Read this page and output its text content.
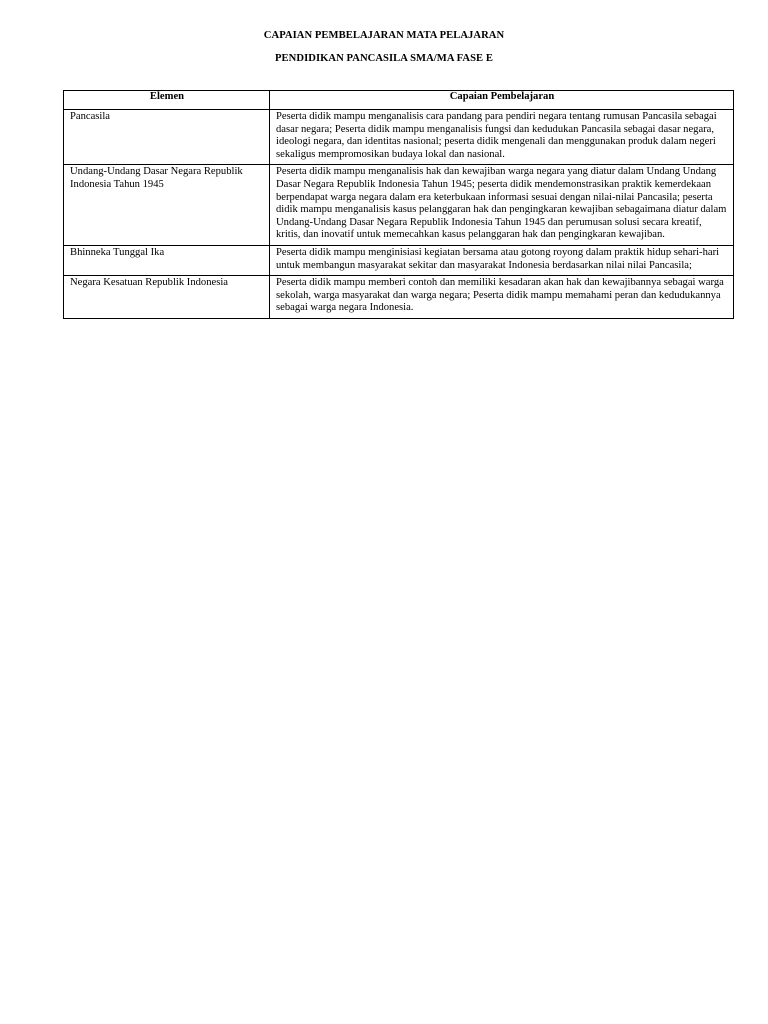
CAPAIAN PEMBELAJARAN MATA PELAJARAN
PENDIDIKAN PANCASILA SMA/MA FASE E
Elemen	Capaian Pembelajaran
Pancasila	Peserta didik mampu menganalisis cara pandang para pendiri negara tentang rumusan Pancasila sebagai dasar negara; Peserta didik mampu menganalisis fungsi dan kedudukan Pancasila sebagai dasar negara, ideologi negara, dan identitas nasional; peserta didik mengenali dan menggunakan produk dalam negeri sekaligus mempromosikan budaya lokal dan nasional.
Undang-Undang Dasar Negara Republik Indonesia Tahun 1945	Peserta didik mampu menganalisis hak dan kewajiban warga negara yang diatur dalam Undang Undang Dasar Negara Republik Indonesia Tahun 1945; peserta didik mendemonstrasikan praktik kemerdekaan berpendapat warga negara dalam era keterbukaan informasi sesuai dengan nilai-nilai Pancasila; peserta didik mampu menganalisis kasus pelanggaran hak dan pengingkaran kewajiban sebagaimana diatur dalam Undang-Undang Dasar Negara Republik Indonesia Tahun 1945 dan perumusan solusi secara kreatif, kritis, dan inovatif untuk memecahkan kasus pelanggaran hak dan pengingkaran kewajiban.
Bhinneka Tunggal Ika	Peserta didik mampu menginisiasi kegiatan bersama atau gotong royong dalam praktik hidup sehari-hari untuk membangun masyarakat sekitar dan masyarakat Indonesia berdasarkan nilai nilai Pancasila;
Negara Kesatuan Republik Indonesia	Peserta didik mampu memberi contoh dan memiliki kesadaran akan hak dan kewajibannya sebagai warga sekolah, warga masyarakat dan warga negara; Peserta didik mampu memahami peran dan kedudukannya sebagai warga negara Indonesia.
